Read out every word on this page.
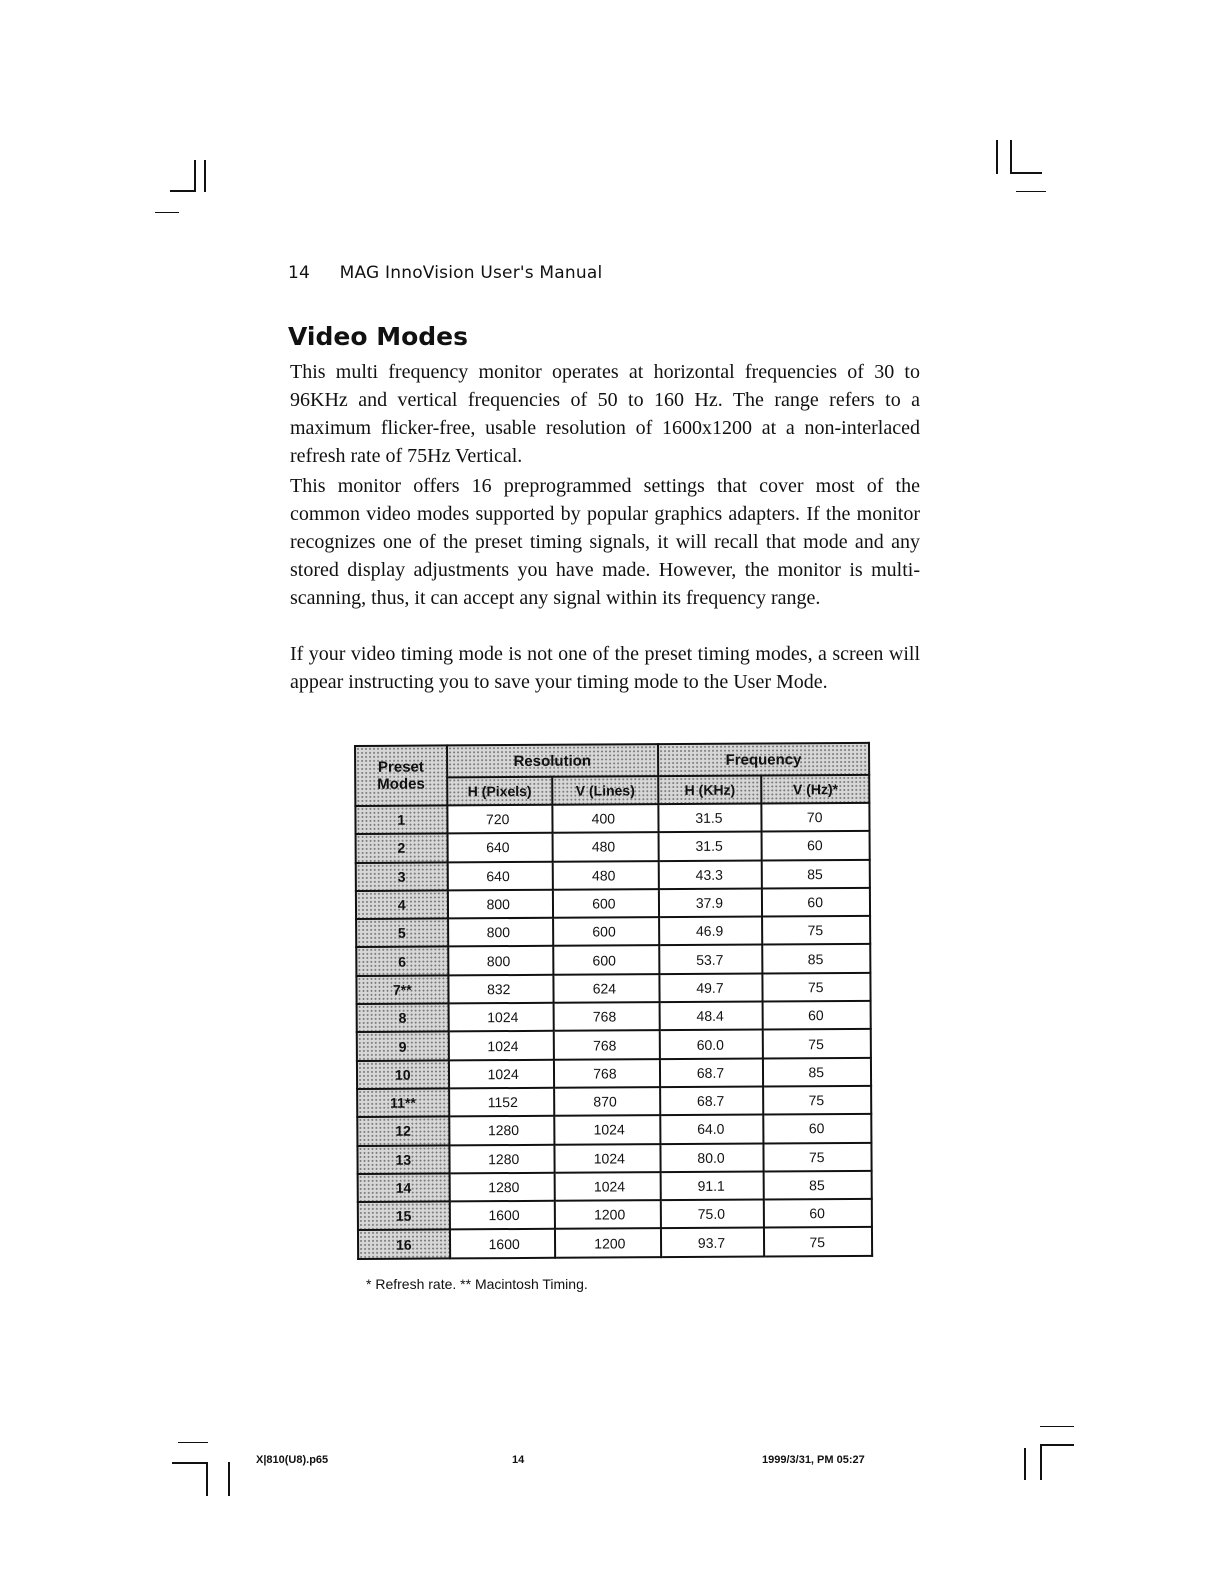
14 MAG InnoVision User's Manual
Video Modes

This multi frequency monitor operates at horizontal frequencies of 30 to 96KHz and vertical frequencies of 50 to 160 Hz. The range refers to a maximum flicker-free, usable resolution of 1600x1200 at a non-interlaced refresh rate of 75Hz Vertical.

This monitor offers 16 preprogrammed settings that cover most of the common video modes supported by popular graphics adapters. If the monitor recognizes one of the preset timing signals, it will recall that mode and any stored display adjustments you have made. However, the monitor is multi-scanning, thus, it can accept any signal within its frequency range.

If your video timing mode is not one of the preset timing modes, a screen will appear instructing you to save your timing mode to the User Mode.

Preset
Modes	Resolution		Frequency	
	H (Pixels)	V (Lines)	H (KHz)	V (Hz)*
1	720	400	31.5	70
2	640	480	31.5	60
3	640	480	43.3	85
4	800	600	37.9	60
5	800	600	46.9	75
6	800	600	53.7	85
7**	832	624	49.7	75
8	1024	768	48.4	60
9	1024	768	60.0	75
10	1024	768	68.7	85
11**	1152	870	68.7	75
12	1280	1024	64.0	60
13	1280	1024	80.0	75
14	1280	1024	91.1	85
15	1600	1200	75.0	60
16	1600	1200	93.7	75
* Refresh rate. ** Macintosh Timing.
X|810(U8).p65	14	1999/3/31, PM 05:27
